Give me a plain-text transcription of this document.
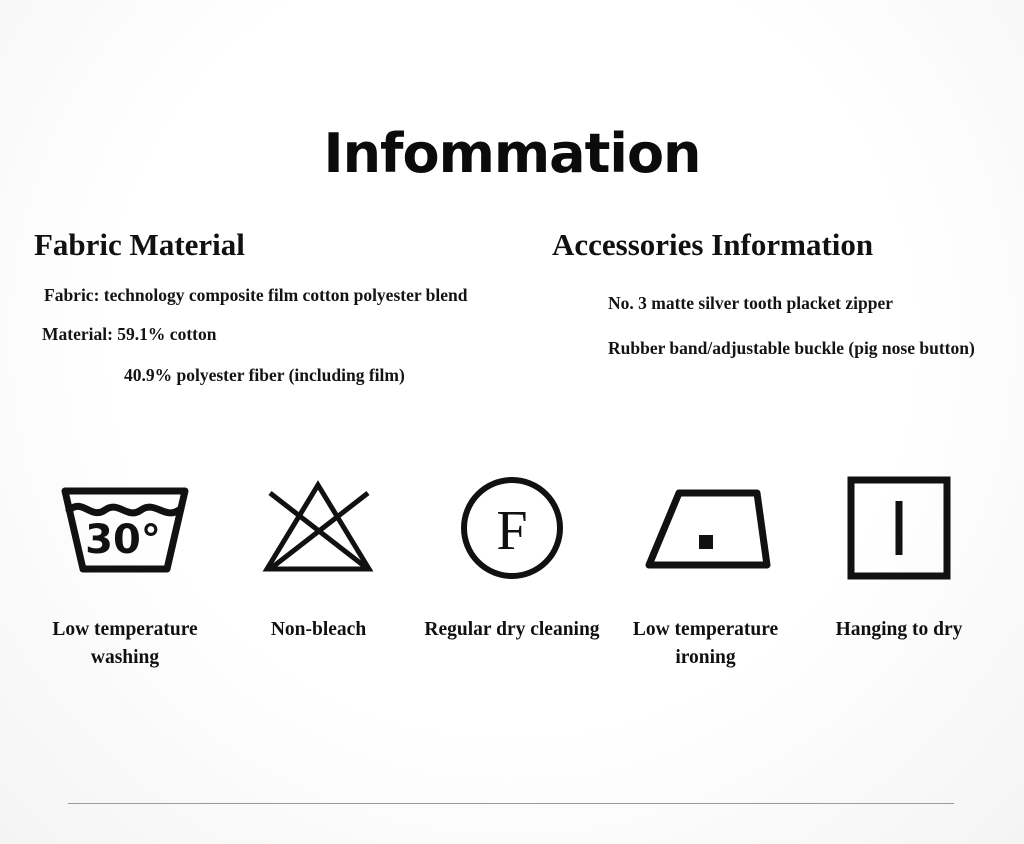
Infommation
Fabric Material

Fabric: technology composite film cotton polyester blend

Material: 59.1% cotton

40.9% polyester fiber (including film)

Accessories Information

No. 3 matte silver tooth placket zipper

Rubber band/adjustable buckle (pig nose button)

30°
Low temperature washing
Non-bleach
F
Regular dry cleaning	Low temperature ironing
Hanging to dry
